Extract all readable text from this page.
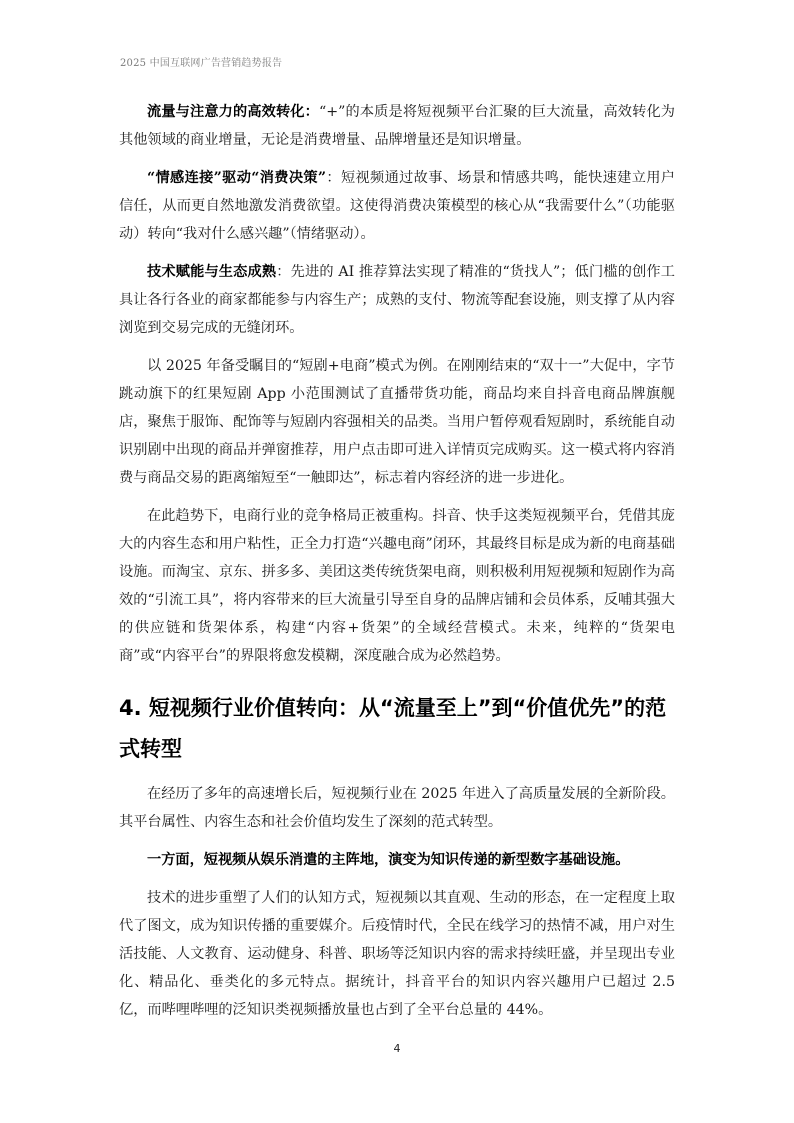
2025 中国互联网广告营销趋势报告

流量与注意力的高效转化：“+”的本质是将短视频平台汇聚的巨大流量，高效转化为其他领域的商业增量，无论是消费增量、品牌增量还是知识增量。

“情感连接”驱动“消费决策”：短视频通过故事、场景和情感共鸣，能快速建立用户信任，从而更自然地激发消费欲望。这使得消费决策模型的核心从“我需要什么”（功能驱动）转向“我对什么感兴趣”（情绪驱动）。

技术赋能与生态成熟：先进的 AI 推荐算法实现了精准的“货找人”；低门槛的创作工具让各行各业的商家都能参与内容生产；成熟的支付、物流等配套设施，则支撑了从内容浏览到交易完成的无缝闭环。

以 2025 年备受瞩目的“短剧+电商”模式为例。在刚刚结束的“双十一”大促中，字节跳动旗下的红果短剧 App 小范围测试了直播带货功能，商品均来自抖音电商品牌旗舰店，聚焦于服饰、配饰等与短剧内容强相关的品类。当用户暂停观看短剧时，系统能自动识别剧中出现的商品并弹窗推荐，用户点击即可进入详情页完成购买。这一模式将内容消费与商品交易的距离缩短至“一触即达”，标志着内容经济的进一步进化。

在此趋势下，电商行业的竞争格局正被重构。抖音、快手这类短视频平台，凭借其庞大的内容生态和用户粘性，正全力打造“兴趣电商”闭环，其最终目标是成为新的电商基础设施。而淘宝、京东、拼多多、美团这类传统货架电商，则积极利用短视频和短剧作为高效的“引流工具”，将内容带来的巨大流量引导至自身的品牌店铺和会员体系，反哺其强大的供应链和货架体系，构建“内容+货架”的全域经营模式。未来，纯粹的“货架电商”或“内容平台”的界限将愈发模糊，深度融合成为必然趋势。

4. 短视频行业价值转向：从“流量至上”到“价值优先”的范式转型

在经历了多年的高速增长后，短视频行业在 2025 年进入了高质量发展的全新阶段。其平台属性、内容生态和社会价值均发生了深刻的范式转型。

一方面，短视频从娱乐消遣的主阵地，演变为知识传递的新型数字基础设施。

技术的进步重塑了人们的认知方式，短视频以其直观、生动的形态，在一定程度上取代了图文，成为知识传播的重要媒介。后疫情时代，全民在线学习的热情不减，用户对生活技能、人文教育、运动健身、科普、职场等泛知识内容的需求持续旺盛，并呈现出专业化、精品化、垂类化的多元特点。据统计，抖音平台的知识内容兴趣用户已超过 2.5 亿，而哔哩哔哩的泛知识类视频播放量也占到了全平台总量的 44%。

4
